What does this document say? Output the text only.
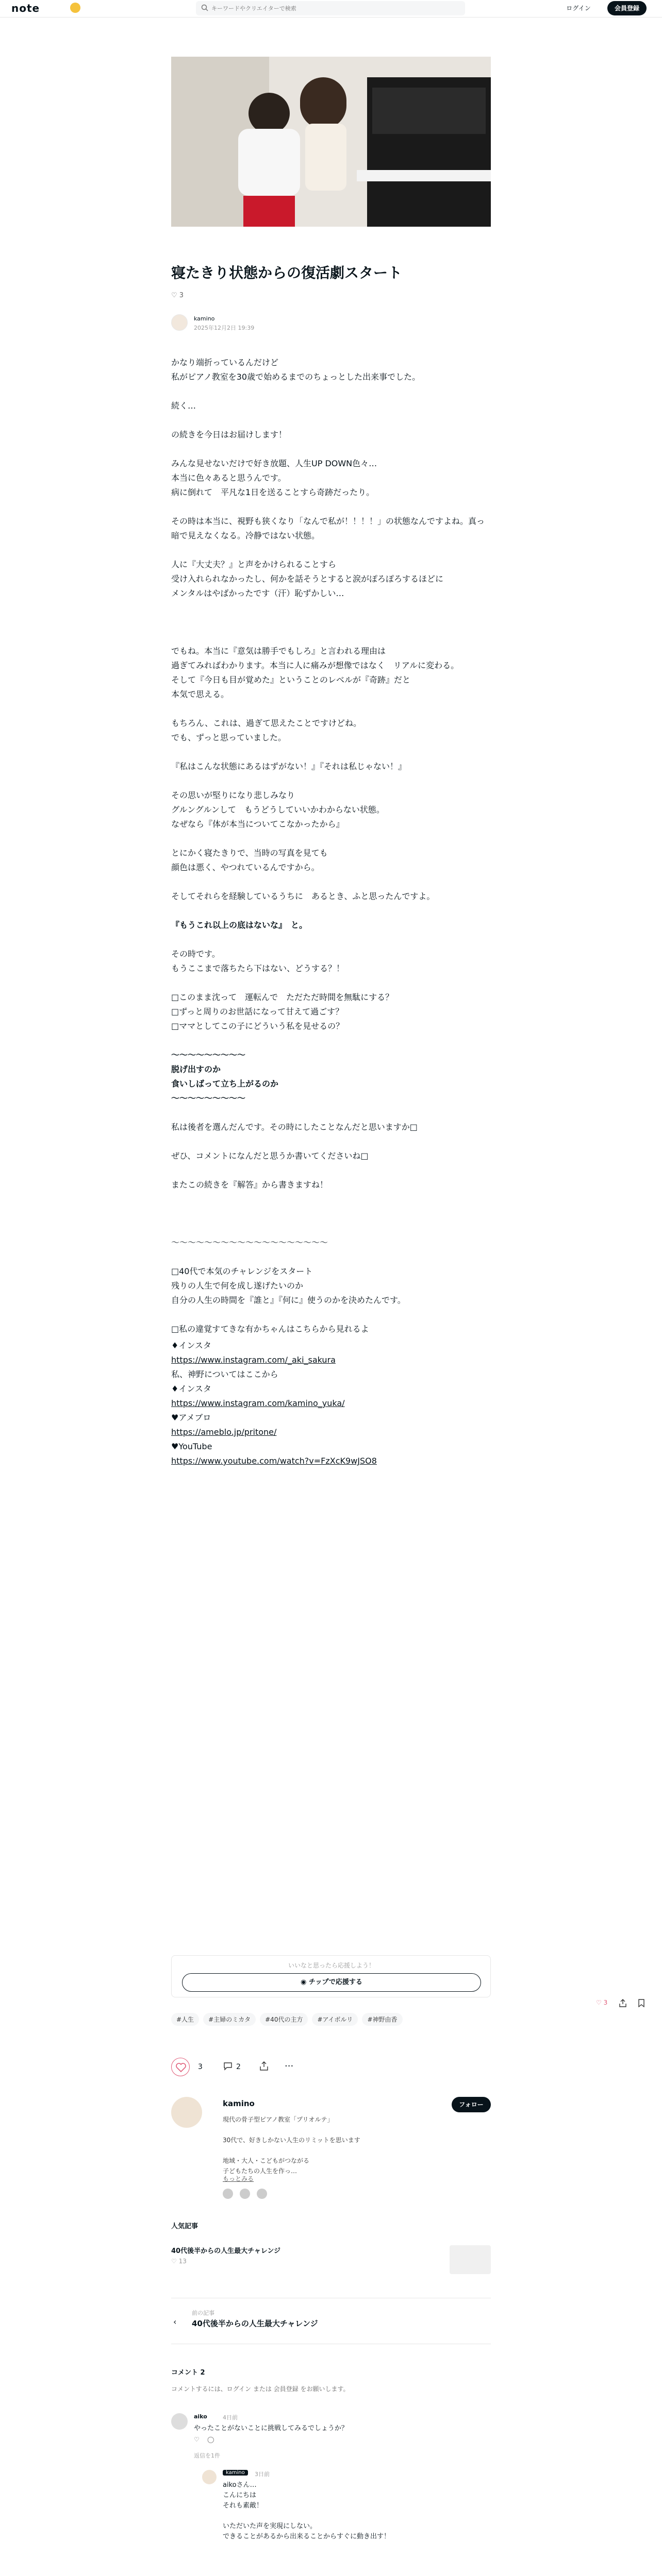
note
キーワードやクリエイターで検索	ログイン	会員登録
寝たきり状態からの復活劇スタート
♡ 3
kamino
2025年12月2日 19:39
かなり端折っているんだけど
私がピアノ教室を30歳で始めるまでのちょっとした出来事でした。
続く…
の続きを今日はお届けします！
みんな見せないだけで好き放題、人生UP DOWN色々…
本当に色々あると思うんです。
病に倒れて　平凡な1日を送ることすら奇跡だったり。
その時は本当に、視野も狭くなり「なんで私が！！！！」の状態なんですよね。真っ暗で見えなくなる。冷静ではない状態。
人に『大丈夫？』と声をかけられることすら
受け入れられなかったし、何かを話そうとすると涙がぽろぽろするほどに
メンタルはやばかったです（汗）恥ずかしい…
でもね。本当に『意気は勝手でもしろ』と言われる理由は
過ぎてみればわかります。本当に人に痛みが想像ではなく　リアルに変わる。
そして『今日も目が覚めた』ということのレベルが『奇跡』だと
本気で思える。
もちろん、これは、過ぎて思えたことですけどね。
でも、ずっと思っていました。
『私はこんな状態にあるはずがない！』『それは私じゃない！』
その思いが堅りになり悲しみなり
グルングルンして　もうどうしていいかわからない状態。
なぜなら『体が本当についてこなかったから』
とにかく寝たきりで、当時の写真を見ても
顔色は悪く、やつれているんですから。
そしてそれらを経験しているうちに　あるとき、ふと思ったんですよ。
『もうこれ以上の底はないな』　と。
その時です。
もうここまで落ちたら下はない、どうする？！
□このまま沈って　運転んで　ただただ時間を無駄にする？
□ずっと周りのお世話になって甘えて過ごす？
□ママとしてこの子にどういう私を見せるの？
〜〜〜〜〜〜〜〜〜
脱げ出すのか
食いしばって立ち上がるのか
〜〜〜〜〜〜〜〜〜
私は後者を選んだんです。その時にしたことなんだと思いますか□
ぜひ、コメントになんだと思うか書いてくださいね□
またこの続きを『解答』から書きますね！
〜〜〜〜〜〜〜〜〜〜〜〜〜〜〜〜〜〜〜
□40代で本気のチャレンジをスタート
残りの人生で何を成し遂げたいのか
自分の人生の時間を『誰と』『何に』使うのかを決めたんです。
□私の違覚すてきな有かちゃんはこちらから見れるよ
♦インスタ
https://www.instagram.com/_aki_sakura
私、神野についてはここから
♦インスタ
https://www.instagram.com/kamino_yuka/
♥アメブロ
https://ameblo.jp/pritone/
♥YouTube
https://www.youtube.com/watch?v=FzXcK9wJSO8
いいなと思ったら応援しよう！
◉ チップで応援する
♡ 3
#人生 #主婦のミカタ #40代の主方 #アイボルリ #神野由香
3	2	···
kamino	フォロー
現代の骨子型ピアノ教室「プリオルテ」

30代で、好きしかない人生のリミットを思います

地域・大人・こどもがつながる
子どもたちの人生を作っ…
もっとみる

人気記事
40代後半からの人生最大チャレンジ
♡ 13
‹
前の記事
40代後半からの人生最大チャレンジ
コメント 2
コメントするには、ログイン または 会員登録 をお願いします。
aiko	4日前
やったことがないことに挑戦してみるでしょうか？
♡ ◯
返信を1件
kamino	3日前
aikoさん…
こんにちは
それも素敵！

いただいた声を実現にしない。
できることがあるから出来ることからすぐに動き出す！
